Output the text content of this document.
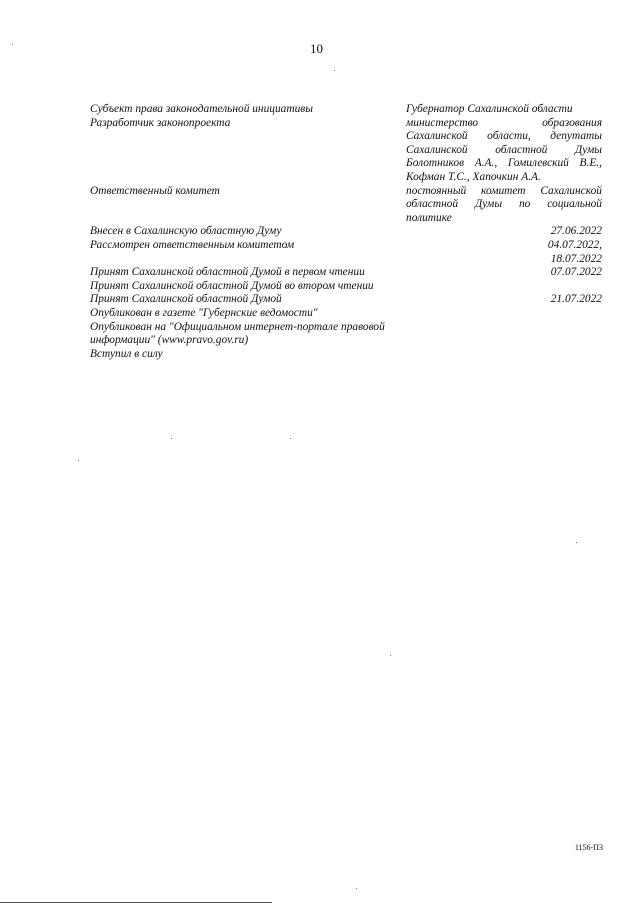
10
Субъект права законодательной инициативы	Губернатор Сахалинской области
Разработчик законопроекта	министерство образования
Сахалинской области, депутаты
Сахалинской областной Думы
Болотников А.А., Гомилевский В.Е.,
Кофман Т.С., Хапочкин А.А.
Ответственный комитет	постоянный комитет Сахалинской
областной Думы по социальной
политике
Внесен в Сахалинскую областную Думу	27.06.2022
Рассмотрен ответственным комитетом	04.07.2022,
18.07.2022
Принят Сахалинской областной Думой в первом чтении	07.07.2022
Принят Сахалинской областной Думой во втором чтении
Принят Сахалинской областной Думой	21.07.2022
Опубликован в газете "Губернские ведомости"
Опубликован на "Официальном интернет-портале правовой информации" (www.pravo.gov.ru)
Вступил в силу
1156-ПЗ
